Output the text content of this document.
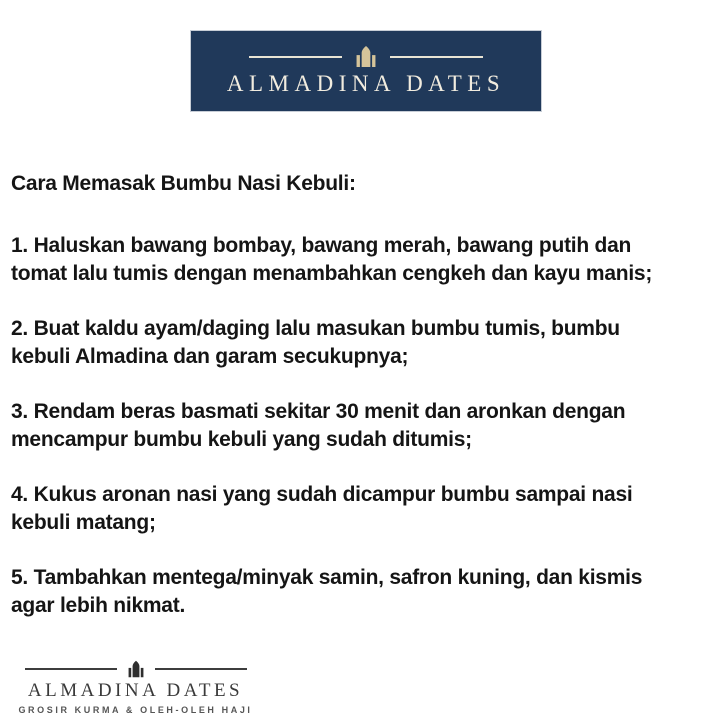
ALMADINA DATES

Cara Memasak Bumbu Nasi Kebuli:

1. Haluskan bawang bombay, bawang merah, bawang putih dan
tomat lalu tumis dengan menambahkan cengkeh dan kayu manis;

2. Buat kaldu ayam/daging lalu masukan bumbu tumis, bumbu
kebuli Almadina dan garam secukupnya;

3. Rendam beras basmati sekitar 30 menit dan aronkan dengan
mencampur bumbu kebuli yang sudah ditumis;

4. Kukus aronan nasi yang sudah dicampur bumbu sampai nasi
kebuli matang;

5. Tambahkan mentega/minyak samin, safron kuning, dan kismis
agar lebih nikmat.

ALMADINA DATES
GROSIR KURMA & OLEH-OLEH HAJI
